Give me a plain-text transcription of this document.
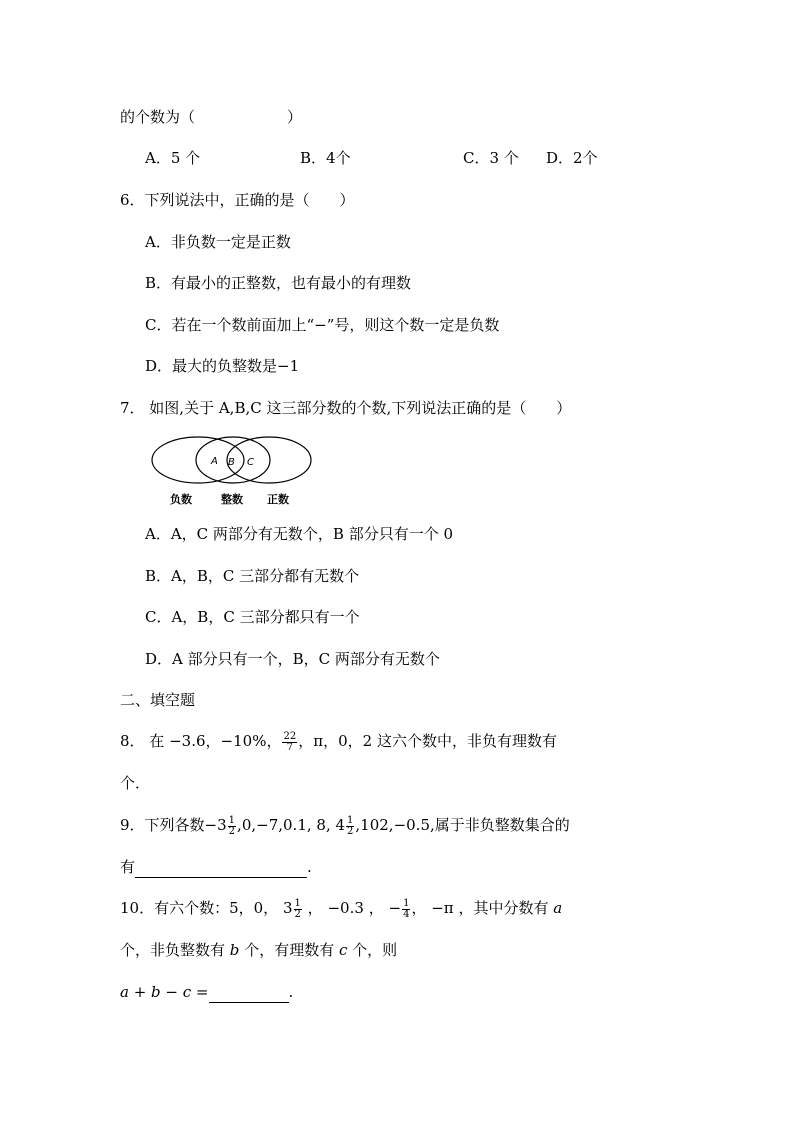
的个数为（	）
A．5 个	B．4个	C．3 个 D．2个
6．下列说法中，正确的是（　　）
A．非负数一定是正数
B．有最小的正整数，也有最小的有理数
C．若在一个数前面加上“−”号，则这个数一定是负数
D．最大的负整数是−1
7． 如图,关于 A,B,C 这三部分数的个数,下列说法正确的是（　　）
A B C
负数	整数 正数
A．A，C 两部分有无数个，B 部分只有一个 0
B．A，B，C 三部分都有无数个
C．A，B，C 三部分都只有一个
D．A 部分只有一个，B，C 两部分有无数个
二、填空题
8． 在 −3.6，−10%， $\frac{22}{7}$ ，π，0，2 这六个数中，非负有理数有
个．
9．下列各数$-3 \frac{1}{2} ,0,-7,0.1$, 8, $4 \frac{1}{2} ,102,-0.5$,属于非负整数集合的
有	.
10．有六个数：5，0， $3 \frac{1}{2}$ ， −0.3 ， − $\frac{1}{4}$ ， −π ，其中分数有 a
个，非负整数有 b 个，有理数有 c 个，则
a + b − c =	.
